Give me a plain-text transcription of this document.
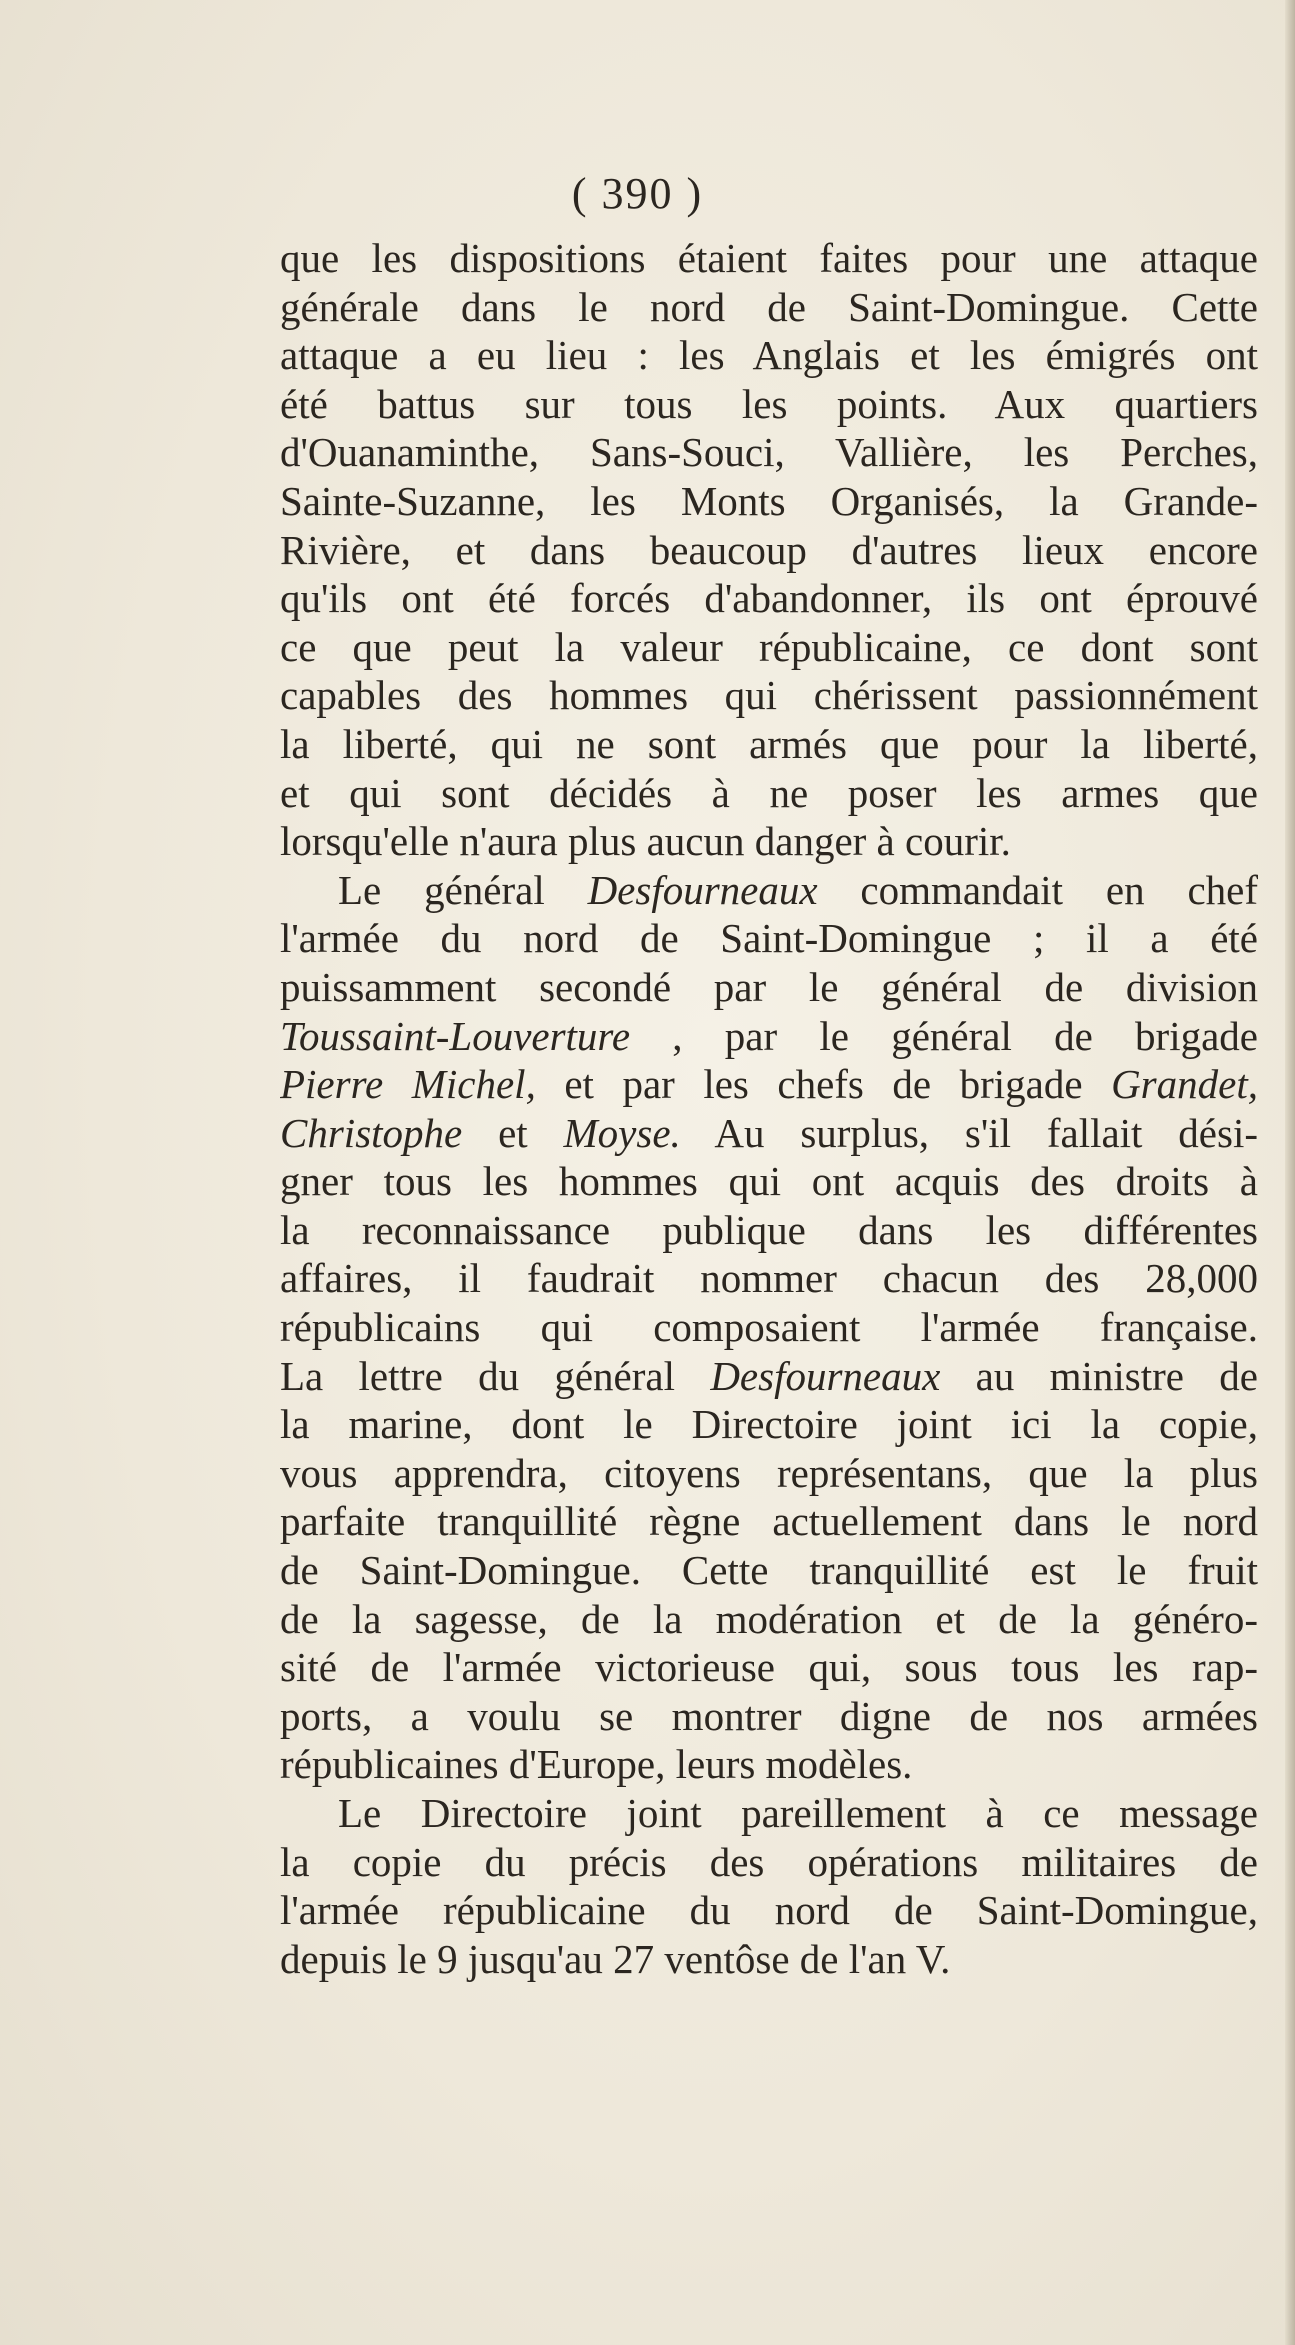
( 390 )
que les dispositions étaient faites pour une attaque
générale dans le nord de Saint-Domingue. Cette
attaque a eu lieu : les Anglais et les émigrés ont
été battus sur tous les points. Aux quartiers
d'Ouanaminthe, Sans-Souci, Vallière, les Perches,
Sainte-Suzanne, les Monts Organisés, la Grande-
Rivière, et dans beaucoup d'autres lieux encore
qu'ils ont été forcés d'abandonner, ils ont éprouvé
ce que peut la valeur républicaine, ce dont sont
capables des hommes qui chérissent passionnément
la liberté, qui ne sont armés que pour la liberté,
et qui sont décidés à ne poser les armes que
lorsqu'elle n'aura plus aucun danger à courir.
Le général Desfourneaux commandait en chef
l'armée du nord de Saint-Domingue ; il a été
puissamment secondé par le général de division
Toussaint-Louverture , par le général de brigade
Pierre Michel, et par les chefs de brigade Grandet,
Christophe et Moyse. Au surplus, s'il fallait dési-
gner tous les hommes qui ont acquis des droits à
la reconnaissance publique dans les différentes
affaires, il faudrait nommer chacun des 28,000
républicains qui composaient l'armée française.
La lettre du général Desfourneaux au ministre de
la marine, dont le Directoire joint ici la copie,
vous apprendra, citoyens représentans, que la plus
parfaite tranquillité règne actuellement dans le nord
de Saint-Domingue. Cette tranquillité est le fruit
de la sagesse, de la modération et de la généro-
sité de l'armée victorieuse qui, sous tous les rap-
ports, a voulu se montrer digne de nos armées
républicaines d'Europe, leurs modèles.
Le Directoire joint pareillement à ce message
la copie du précis des opérations militaires de
l'armée républicaine du nord de Saint-Domingue,
depuis le 9 jusqu'au 27 ventôse de l'an V.
